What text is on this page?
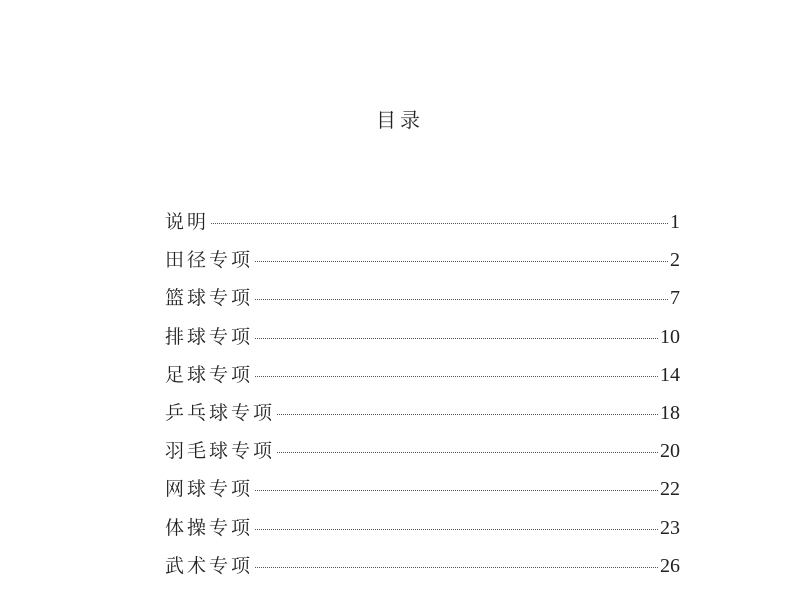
目录
说明	1
田径专项	2
篮球专项	7
排球专项	10
足球专项	14
乒乓球专项	18
羽毛球专项	20
网球专项	22
体操专项	23
武术专项	26
